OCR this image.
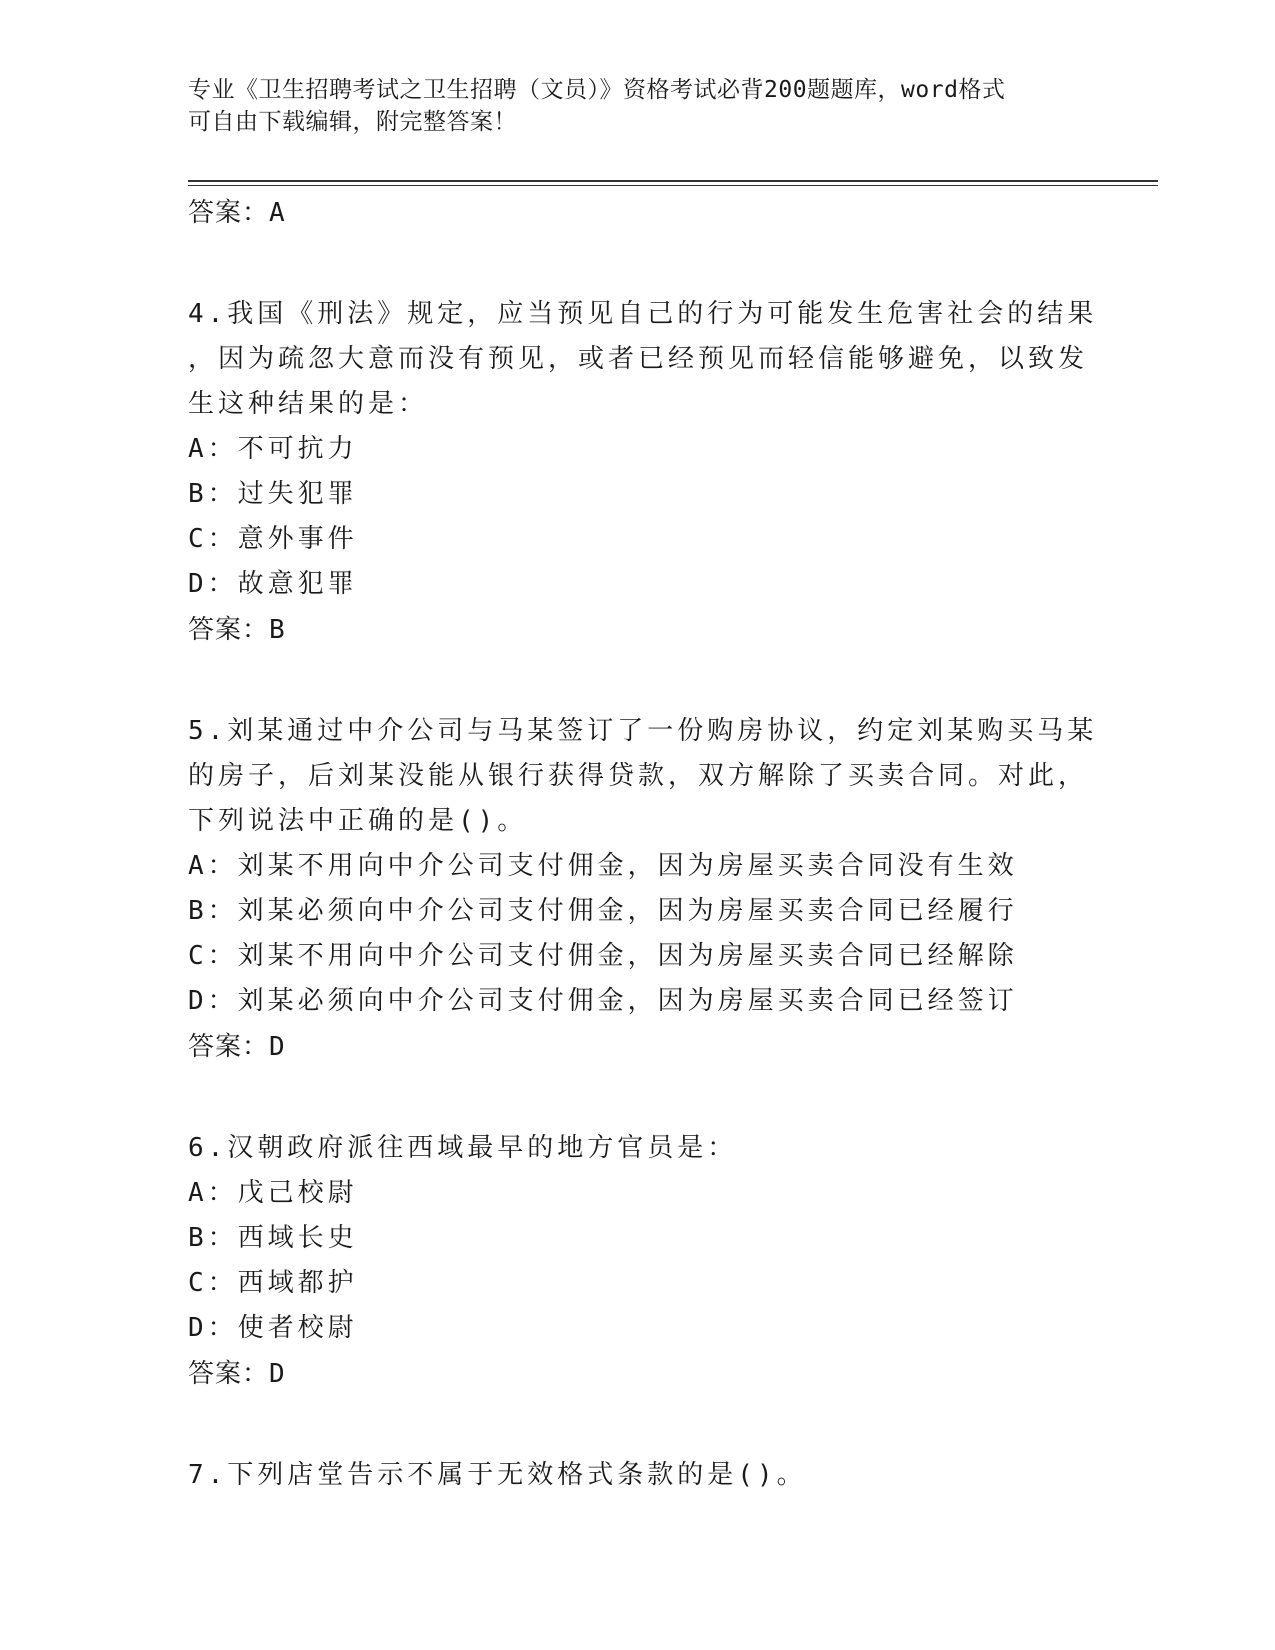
专业《卫生招聘考试之卫生招聘（文员）》资格考试必背200题题库，word格式
可自由下载编辑，附完整答案！
答案：A
4.我国《刑法》规定，应当预见自己的行为可能发生危害社会的结果
，因为疏忽大意而没有预见，或者已经预见而轻信能够避免，以致发
生这种结果的是：
A：不可抗力
B：过失犯罪
C：意外事件
D：故意犯罪
答案：B
5.刘某通过中介公司与马某签订了一份购房协议，约定刘某购买马某
的房子，后刘某没能从银行获得贷款，双方解除了买卖合同。对此，
下列说法中正确的是()。
A：刘某不用向中介公司支付佣金，因为房屋买卖合同没有生效
B：刘某必须向中介公司支付佣金，因为房屋买卖合同已经履行
C：刘某不用向中介公司支付佣金，因为房屋买卖合同已经解除
D：刘某必须向中介公司支付佣金，因为房屋买卖合同已经签订
答案：D
6.汉朝政府派往西域最早的地方官员是：
A：戊己校尉
B：西域长史
C：西域都护
D：使者校尉
答案：D
7.下列店堂告示不属于无效格式条款的是()。
